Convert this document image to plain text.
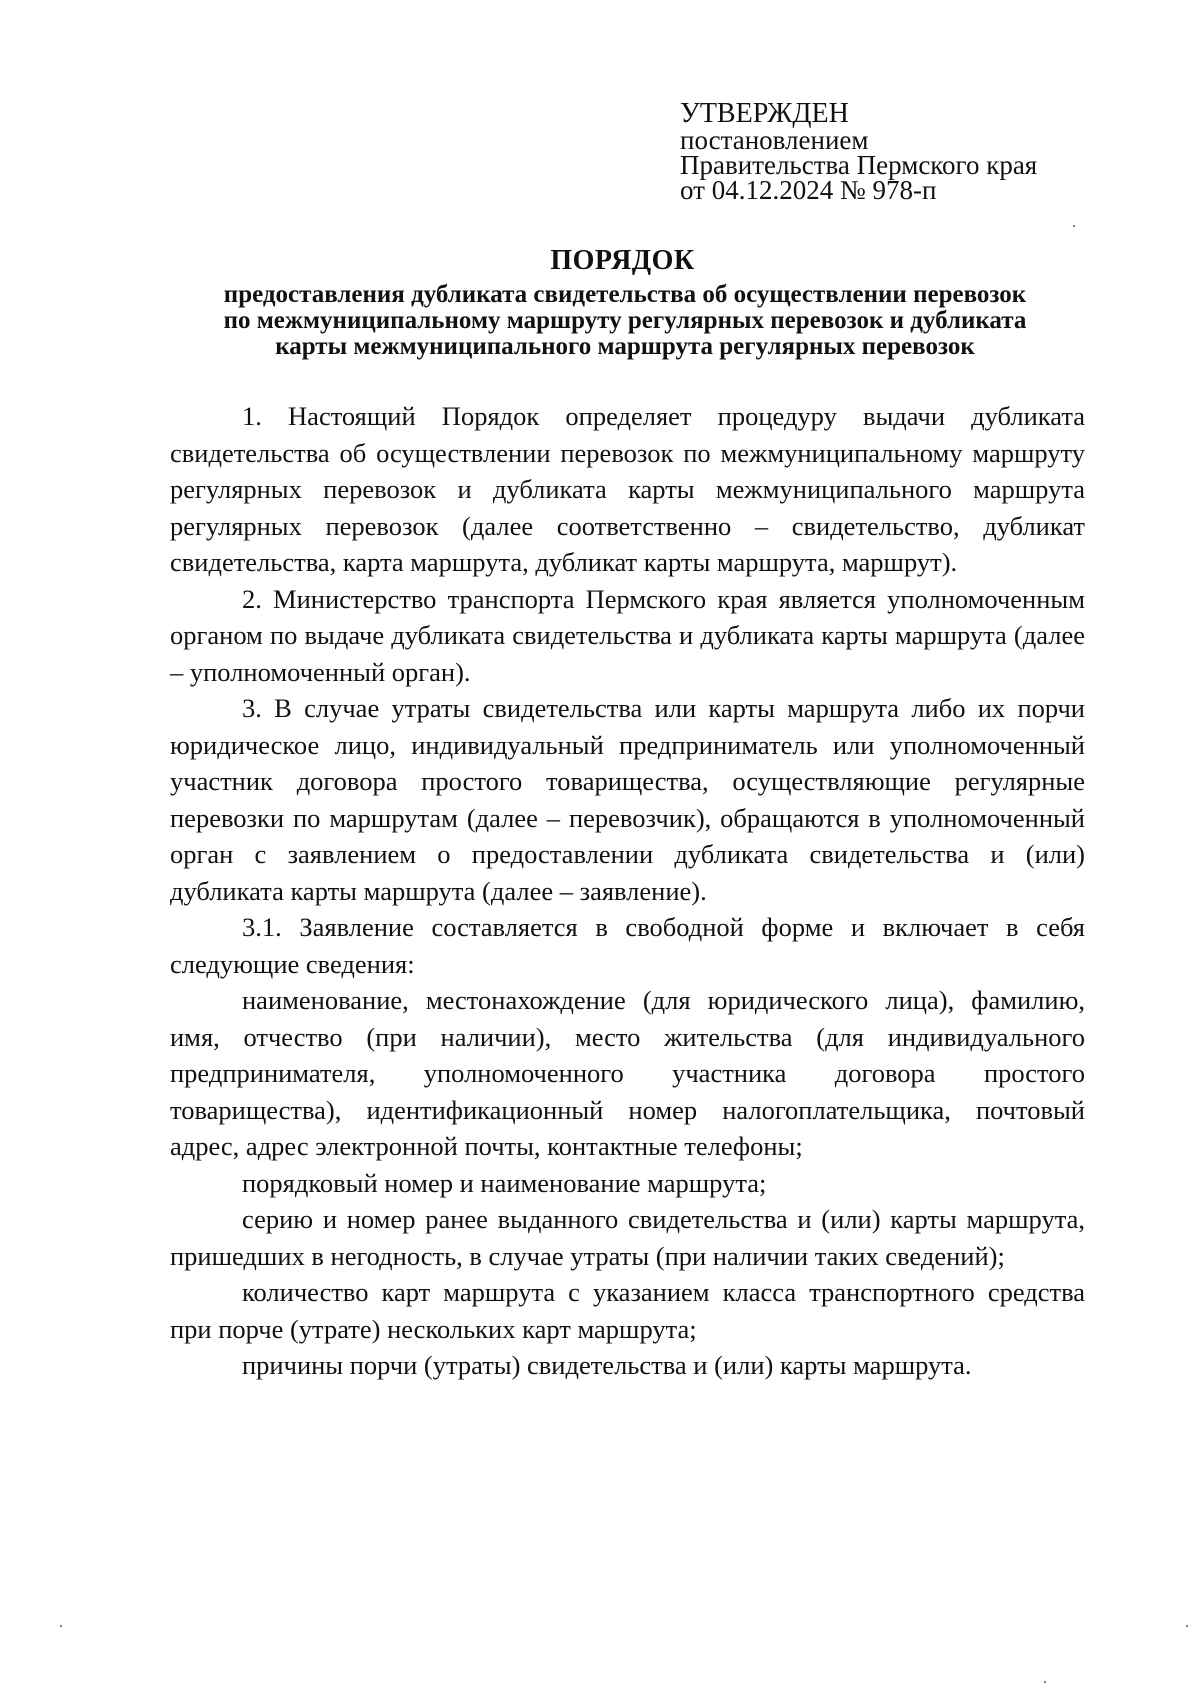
УТВЕРЖДЕН
постановлением
Правительства Пермского края
от 04.12.2024 № 978-п
ПОРЯДОК
предоставления дубликата свидетельства об осуществлении перевозок
по межмуниципальному маршруту регулярных перевозок и дубликата
карты межмуниципального маршрута регулярных перевозок

1. Настоящий Порядок определяет процедуру выдачи дубликата свидетельства об осуществлении перевозок по межмуниципальному маршруту регулярных перевозок и дубликата карты межмуниципального маршрута регулярных перевозок (далее соответственно – свидетельство, дубликат свидетельства, карта маршрута, дубликат карты маршрута, маршрут).

2. Министерство транспорта Пермского края является уполномоченным органом по выдаче дубликата свидетельства и дубликата карты маршрута (далее – уполномоченный орган).

3. В случае утраты свидетельства или карты маршрута либо их порчи юридическое лицо, индивидуальный предприниматель или уполномоченный участник договора простого товарищества, осуществляющие регулярные перевозки по маршрутам (далее – перевозчик), обращаются в уполномоченный орган с заявлением о предоставлении дубликата свидетельства и (или) дубликата карты маршрута (далее – заявление).

3.1. Заявление составляется в свободной форме и включает в себя следующие сведения:

наименование, местонахождение (для юридического лица), фамилию, имя, отчество (при наличии), место жительства (для индивидуального предпринимателя, уполномоченного участника договора простого товарищества), идентификационный номер налогоплательщика, почтовый адрес, адрес электронной почты, контактные телефоны;

порядковый номер и наименование маршрута;

серию и номер ранее выданного свидетельства и (или) карты маршрута, пришедших в негодность, в случае утраты (при наличии таких сведений);

количество карт маршрута с указанием класса транспортного средства при порче (утрате) нескольких карт маршрута;

причины порчи (утраты) свидетельства и (или) карты маршрута.
